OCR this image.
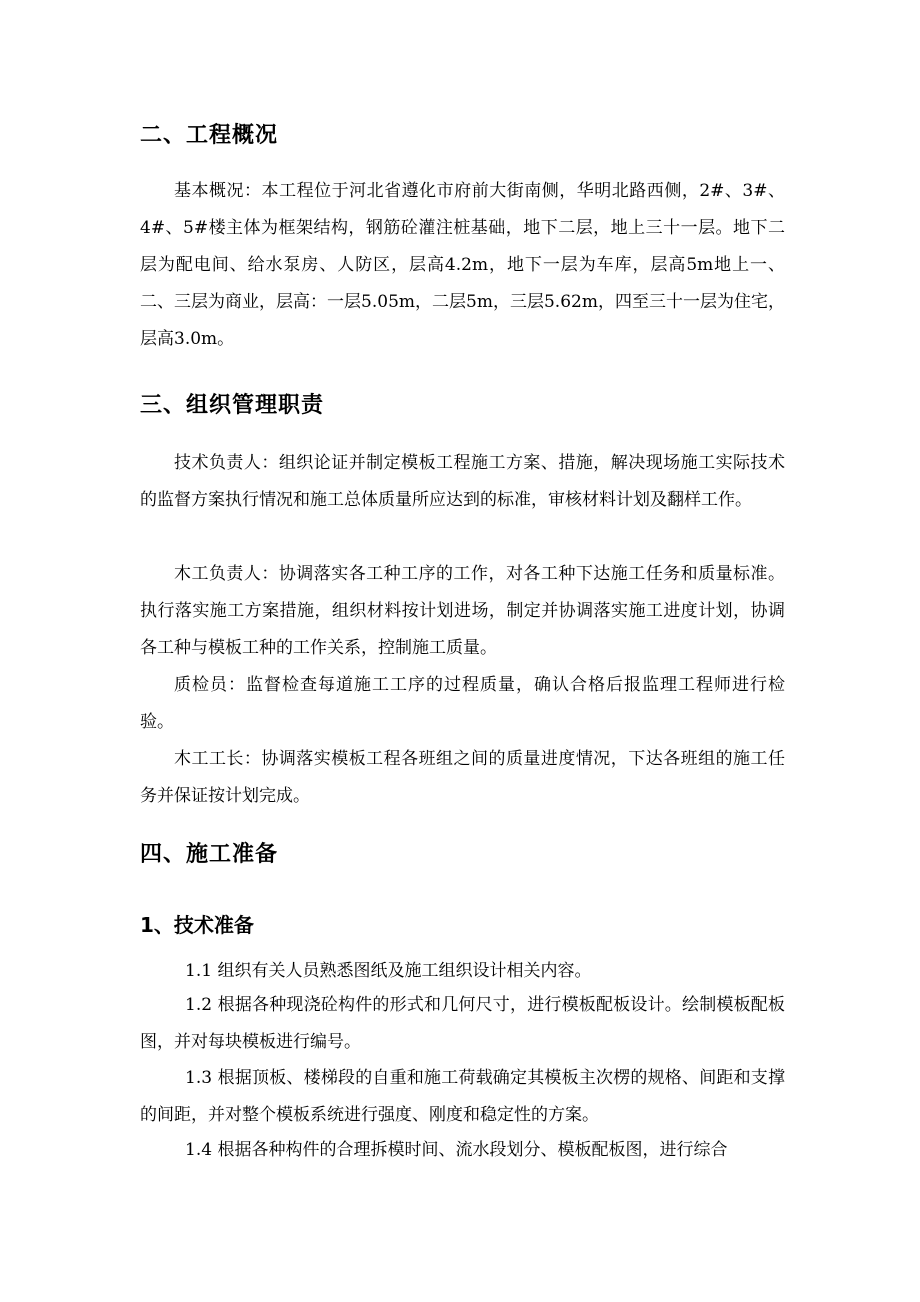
二、工程概况

基本概况：本工程位于河北省遵化市府前大街南侧，华明北路西侧，2#、3#、4#、5#楼主体为框架结构，钢筋砼灌注桩基础，地下二层，地上三十一层。地下二层为配电间、给水泵房、人防区，层高4.2m，地下一层为车库，层高5m地上一、二、三层为商业，层高：一层5.05m，二层5m，三层5.62m，四至三十一层为住宅，层高3.0m。

三、组织管理职责

技术负责人：组织论证并制定模板工程施工方案、措施，解决现场施工实际技术的监督方案执行情况和施工总体质量所应达到的标准，审核材料计划及翻样工作。

木工负责人：协调落实各工种工序的工作，对各工种下达施工任务和质量标准。执行落实施工方案措施，组织材料按计划进场，制定并协调落实施工进度计划，协调各工种与模板工种的工作关系，控制施工质量。

质检员：监督检查每道施工工序的过程质量，确认合格后报监理工程师进行检验。

木工工长：协调落实模板工程各班组之间的质量进度情况，下达各班组的施工任务并保证按计划完成。

四、施工准备
1、技术准备

1.1 组织有关人员熟悉图纸及施工组织设计相关内容。

1.2 根据各种现浇砼构件的形式和几何尺寸，进行模板配板设计。绘制模板配板图，并对每块模板进行编号。

1.3 根据顶板、楼梯段的自重和施工荷载确定其模板主次楞的规格、间距和支撑的间距，并对整个模板系统进行强度、刚度和稳定性的方案。

1.4 根据各种构件的合理拆模时间、流水段划分、模板配板图，进行综合
